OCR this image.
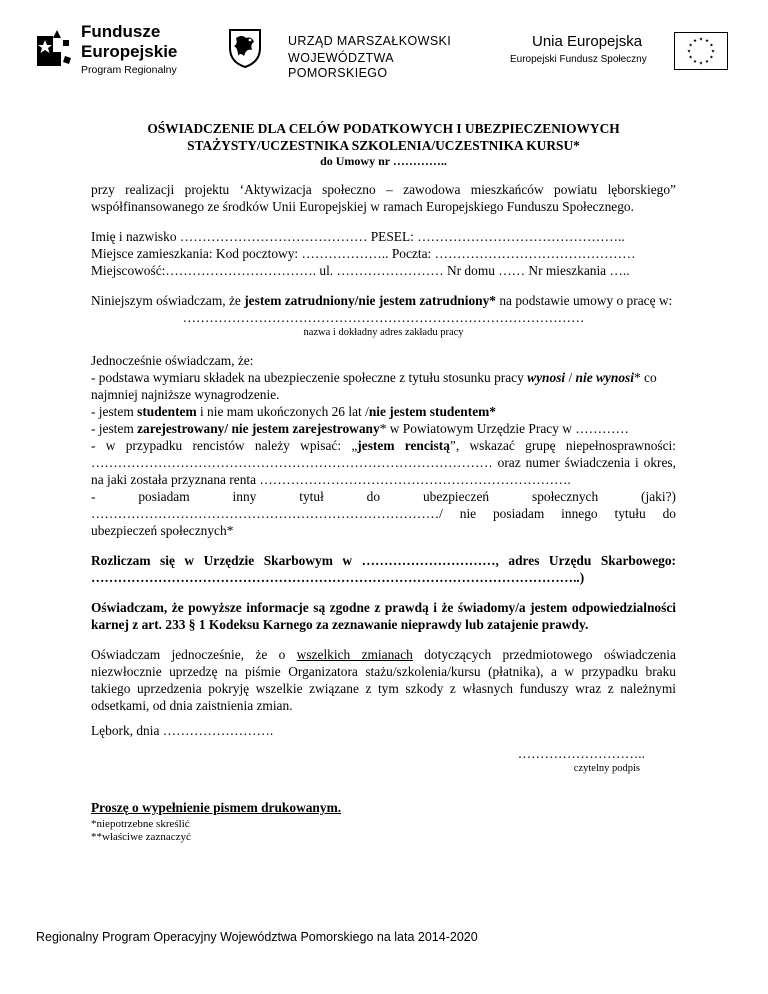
Fundusze
Europejskie
Program Regionalny
URZĄD MARSZAŁKOWSKI
WOJEWÓDZTWA POMORSKIEGO
Unia Europejska
Europejski Fundusz Społeczny

OŚWIADCZENIE DLA CELÓW PODATKOWYCH I UBEZPIECZENIOWYCH

STAŻYSTY/UCZESTNIKA SZKOLENIA/UCZESTNIKA KURSU*

do Umowy nr …………..

przy realizacji projektu ‘Aktywizacja społeczno – zawodowa mieszkańców powiatu lęborskiego” współfinansowanego ze środków Unii Europejskiej w ramach Europejskiego Funduszu Społecznego.

Imię i nazwisko …………………………………… PESEL: ………………………………………..

Miejsce zamieszkania: Kod pocztowy: ……………….. Poczta: ………………………………………

Miejscowość:……………………………. ul. …………………… Nr domu …… Nr mieszkania …..

Niniejszym oświadczam, że jestem zatrudniony/nie jestem zatrudniony* na podstawie umowy o pracę w:

………………………………………………………………………………

nazwa i dokładny adres zakładu pracy

Jednocześnie oświadczam, że:

- podstawa wymiaru składek na ubezpieczenie społeczne z tytułu stosunku pracy wynosi / nie wynosi* co najmniej najniższe wynagrodzenie.

- jestem studentem i nie mam ukończonych 26 lat /nie jestem studentem*

- jestem zarejestrowany/ nie jestem zarejestrowany* w Powiatowym Urzędzie Pracy w …………

- w przypadku rencistów należy wpisać: „jestem rencistą”, wskazać grupę niepełnosprawności: ……………………………………………………………………………… oraz numer świadczenia i okres, na jaki została przyznana renta …………………………………………………………….

- posiadam inny tytuł do ubezpieczeń społecznych (jaki?) ……………………………………………………………………/ nie posiadam innego tytułu do ubezpieczeń społecznych*

Rozliczam się w Urzędzie Skarbowym w …………………………, adres Urzędu Skarbowego: ………………………………………………………………………………………………..)

Oświadczam, że powyższe informacje są zgodne z prawdą i że świadomy/a jestem odpowiedzialności karnej z art. 233 § 1 Kodeksu Karnego za zeznawanie nieprawdy lub zatajenie prawdy.

Oświadczam jednocześnie, że o wszelkich zmianach dotyczących przedmiotowego oświadczenia niezwłocznie uprzedzę na piśmie Organizatora stażu/szkolenia/kursu (płatnika), a w przypadku braku takiego uprzedzenia pokryję wszelkie związane z tym szkody z własnych funduszy wraz z należnymi odsetkami, od dnia zaistnienia zmian.

Lębork, dnia …………………….

………………………..

czytelny podpis

Proszę o wypełnienie pismem drukowanym.

*niepotrzebne skreślić

**właściwe zaznaczyć

Regionalny Program Operacyjny Województwa Pomorskiego na lata 2014-2020
